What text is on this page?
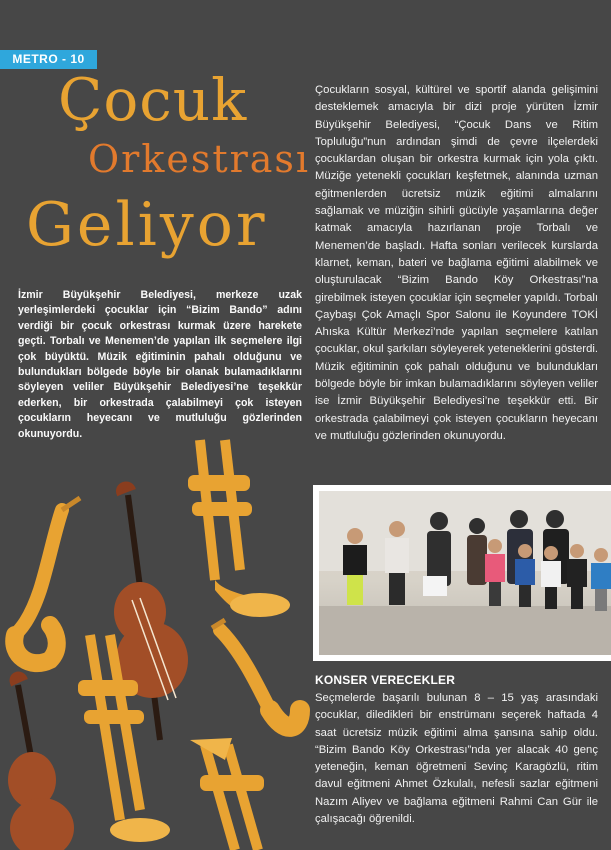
METRO - 10
Çocuk
Orkestrası
Geliyor
İzmir Büyükşehir Belediyesi, merkeze uzak yerleşimlerdeki çocuklar için “Bizim Bando” adını verdiği bir çocuk orkestrası kurmak üzere harekete geçti. Torbalı ve Menemen’de yapılan ilk seçmelere ilgi çok büyüktü. Müzik eğitiminin pahalı olduğunu ve bulundukları bölgede böyle bir olanak bulamadıklarını söyleyen veliler Büyükşehir Belediyesi’ne teşekkür ederken, bir orkestrada çalabilmeyi çok isteyen çocukların heyecanı ve mutluluğu gözlerinden okunuyordu.
Çocukların sosyal, kültürel ve sportif alanda gelişimini desteklemek amacıyla bir dizi proje yürüten İzmir Büyükşehir Belediyesi, “Çocuk Dans ve Ritim Topluluğu”nun ardından şimdi de çevre ilçelerdeki çocuklardan oluşan bir orkestra kurmak için yola çıktı. Müziğe yetenekli çocukları keşfetmek, alanında uzman eğitmenlerden ücretsiz müzik eğitimi almalarını sağlamak ve müziğin sihirli gücüyle yaşamlarına değer katmak amacıyla hazırlanan proje Torbalı ve Menemen’de başladı. Hafta sonları verilecek kurslarda klarnet, keman, bateri ve bağlama eğitimi alabilmek ve oluşturulacak “Bizim Bando Köy Orkestrası”na girebilmek isteyen çocuklar için seçmeler yapıldı. Torbalı Çaybaşı Çok Amaçlı Spor Salonu ile Koyundere TOKİ Ahıska Kültür Merkezi’nde yapılan seçmelere katılan çocuklar, okul şarkıları söyleyerek yeteneklerini gösterdi. Müzik eğitiminin çok pahalı olduğunu ve bulundukları bölgede böyle bir imkan bulamadıklarını söyleyen veliler ise İzmir Büyükşehir Belediyesi’ne teşekkür etti. Bir orkestrada çalabilmeyi çok isteyen çocukların heyecanı ve mutluluğu gözlerinden okunuyordu.
KONSER VERECEKLER
Seçmelerde başarılı bulunan 8 – 15 yaş arasındaki çocuklar, diledikleri bir enstrümanı seçerek haftada 4 saat ücretsiz müzik eğitimi alma şansına sahip oldu. “Bizim Bando Köy Orkestrası”nda yer alacak 40 genç yeteneğin, keman öğretmeni Sevinç Karagözlü, ritim davul eğitmeni Ahmet Özkulalı, nefesli sazlar eğitmeni Nazım Aliyev ve bağlama eğitmeni Rahmi Can Gür ile çalışacağı öğrenildi.
